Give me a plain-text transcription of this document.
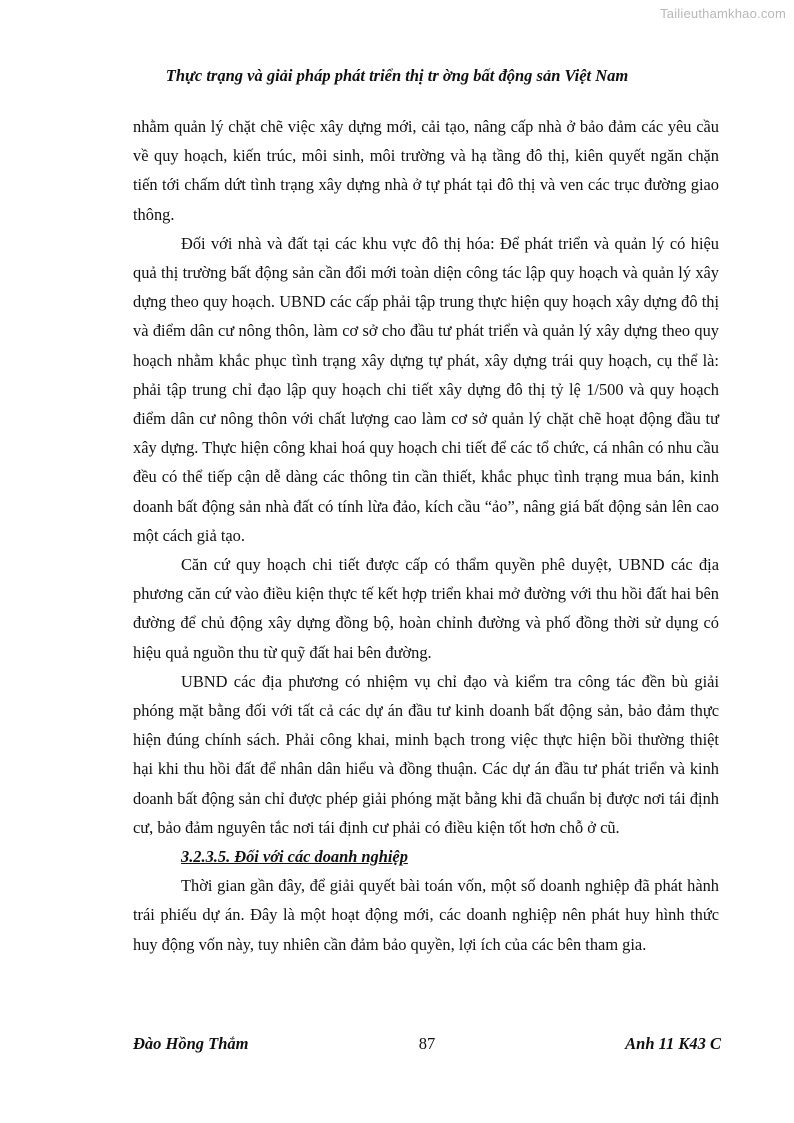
Tailieuthamkhao.com
Thực trạng và giải pháp phát triển thị tr ờng bất động sản Việt Nam

nhằm quản lý chặt chẽ việc xây dựng mới, cải tạo, nâng cấp nhà ở bảo đảm các yêu cầu về quy hoạch, kiến trúc, môi sinh, môi trường và hạ tầng đô thị, kiên quyết ngăn chặn tiến tới chấm dứt tình trạng xây dựng nhà ở tự phát tại đô thị và ven các trục đường giao thông.

Đối với nhà và đất tại các khu vực đô thị hóa: Để phát triển và quản lý có hiệu quả thị trường bất động sản cần đổi mới toàn diện công tác lập quy hoạch và quản lý xây dựng theo quy hoạch. UBND các cấp phải tập trung thực hiện quy hoạch xây dựng đô thị và điểm dân cư nông thôn, làm cơ sở cho đầu tư phát triển và quản lý xây dựng theo quy hoạch nhằm khắc phục tình trạng xây dựng tự phát, xây dựng trái quy hoạch, cụ thể là: phải tập trung chỉ đạo lập quy hoạch chi tiết xây dựng đô thị tỷ lệ 1/500 và quy hoạch điểm dân cư nông thôn với chất lượng cao làm cơ sở quản lý chặt chẽ hoạt động đầu tư xây dựng. Thực hiện công khai hoá quy hoạch chi tiết để các tổ chức, cá nhân có nhu cầu đều có thể tiếp cận dễ dàng các thông tin cần thiết, khắc phục tình trạng mua bán, kinh doanh bất động sản nhà đất có tính lừa đảo, kích cầu “ảo”, nâng giá bất động sản lên cao một cách giả tạo.

Căn cứ quy hoạch chi tiết được cấp có thẩm quyền phê duyệt, UBND các địa phương căn cứ vào điều kiện thực tế kết hợp triển khai mở đường với thu hồi đất hai bên đường để chủ động xây dựng đồng bộ, hoàn chỉnh đường và phố đồng thời sử dụng có hiệu quả nguồn thu từ quỹ đất hai bên đường.

UBND các địa phương có nhiệm vụ chỉ đạo và kiểm tra công tác đền bù giải phóng mặt bằng đối với tất cả các dự án đầu tư kinh doanh bất động sản, bảo đảm thực hiện đúng chính sách. Phải công khai, minh bạch trong việc thực hiện bồi thường thiệt hại khi thu hồi đất để nhân dân hiểu và đồng thuận. Các dự án đầu tư phát triển và kinh doanh bất động sản chỉ được phép giải phóng mặt bằng khi đã chuẩn bị được nơi tái định cư, bảo đảm nguyên tắc nơi tái định cư phải có điều kiện tốt hơn chỗ ở cũ.

3.2.3.5. Đối với các doanh nghiệp

Thời gian gần đây, để giải quyết bài toán vốn, một số doanh nghiệp đã phát hành trái phiếu dự án. Đây là một hoạt động mới, các doanh nghiệp nên phát huy hình thức huy động vốn này, tuy nhiên cần đảm bảo quyền, lợi ích của các bên tham gia.

Đào Hồng Thắm	87	Anh 11 K43 C
